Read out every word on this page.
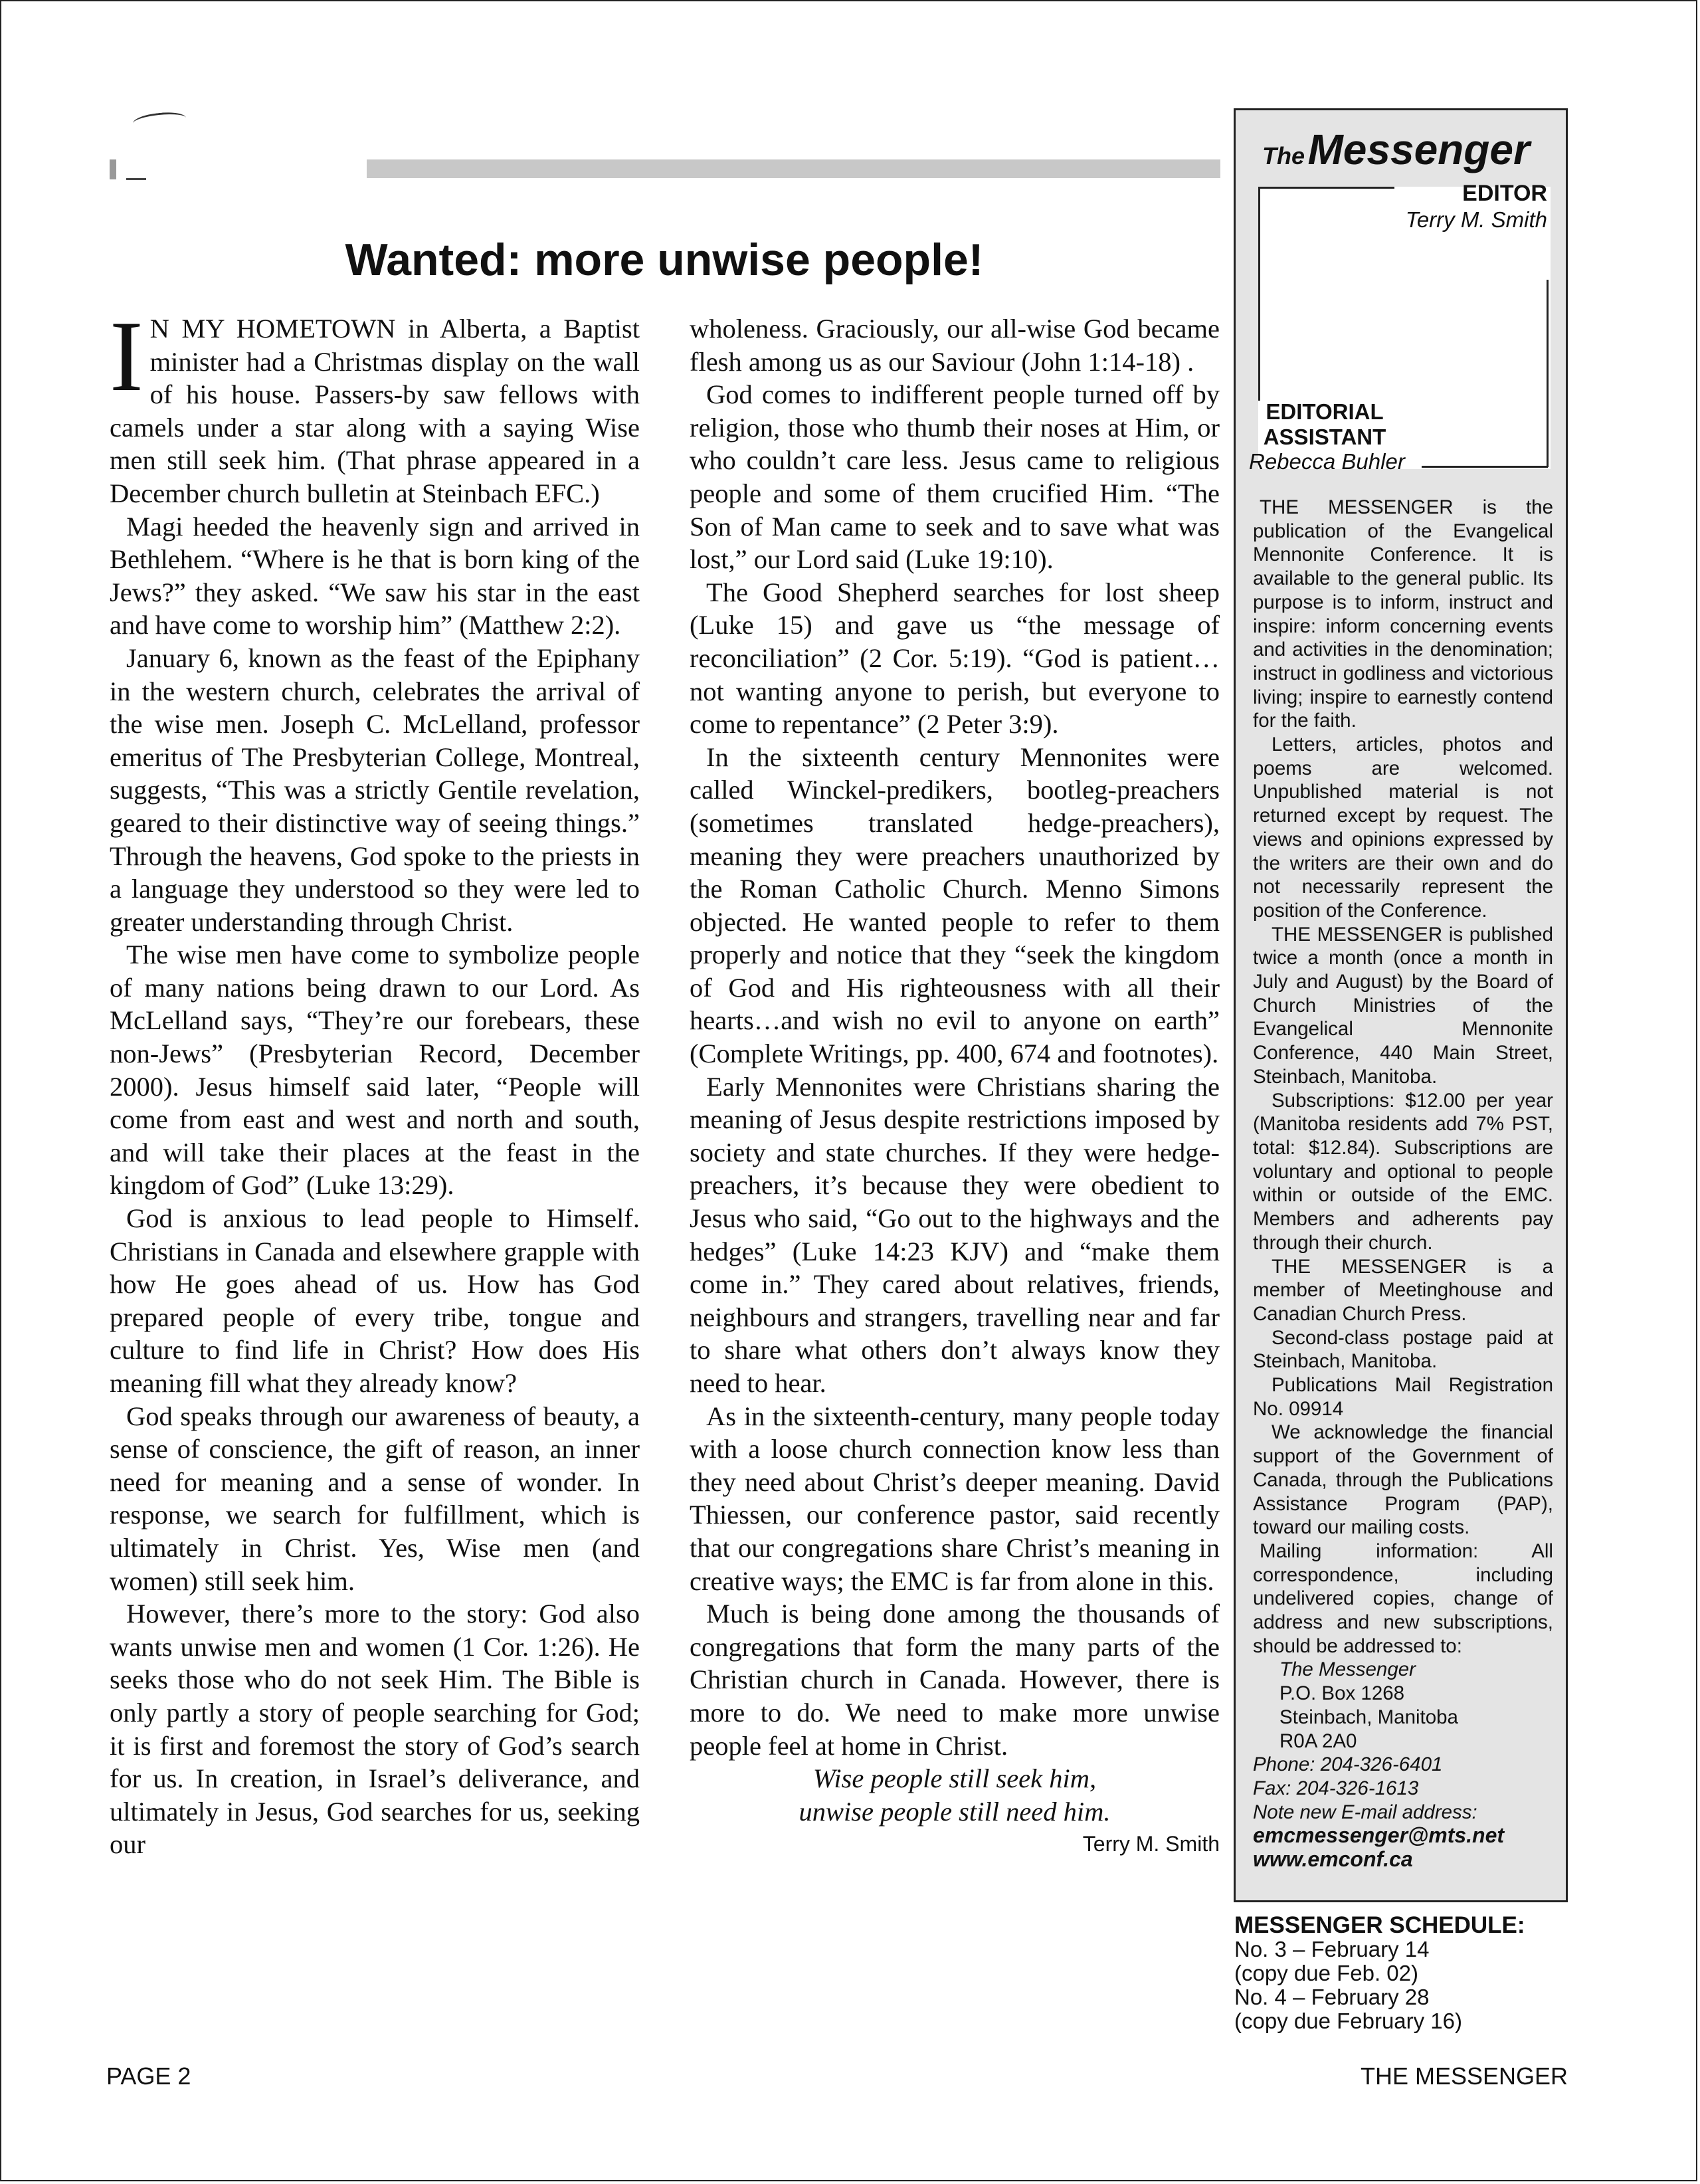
Wanted: more unwise people!

I N MY HOMETOWN in Alberta, a Baptist minister had a Christmas display on the wall of his house. Passers-by saw fellows with camels under a star along with a saying Wise men still seek him. (That phrase appeared in a December church bulletin at Steinbach EFC.)

Magi heeded the heavenly sign and arrived in Bethlehem. “Where is he that is born king of the Jews?” they asked. “We saw his star in the east and have come to worship him” (Matthew 2:2).

January 6, known as the feast of the Epiphany in the western church, celebrates the arrival of the wise men. Joseph C. McLelland, professor emeritus of The Presbyterian College, Montreal, suggests, “This was a strictly Gentile revelation, geared to their distinctive way of seeing things.” Through the heavens, God spoke to the priests in a language they understood so they were led to greater understanding through Christ.

The wise men have come to symbolize people of many nations being drawn to our Lord. As McLelland says, “They’re our forebears, these non-Jews” (Presbyterian Record, December 2000). Jesus himself said later, “People will come from east and west and north and south, and will take their places at the feast in the kingdom of God” (Luke 13:29).

God is anxious to lead people to Himself. Christians in Canada and elsewhere grapple with how He goes ahead of us. How has God prepared people of every tribe, tongue and culture to find life in Christ? How does His meaning fill what they already know?

God speaks through our awareness of beauty, a sense of conscience, the gift of reason, an inner need for meaning and a sense of wonder. In response, we search for fulfillment, which is ultimately in Christ. Yes, Wise men (and women) still seek him.

However, there’s more to the story: God also wants unwise men and women (1 Cor. 1:26). He seeks those who do not seek Him. The Bible is only partly a story of people searching for God; it is first and foremost the story of God’s search for us. In creation, in Israel’s deliverance, and ultimately in Jesus, God searches for us, seeking our

wholeness. Graciously, our all-wise God became flesh among us as our Saviour (John 1:14-18) .

God comes to indifferent people turned off by religion, those who thumb their noses at Him, or who couldn’t care less. Jesus came to religious people and some of them crucified Him. “The Son of Man came to seek and to save what was lost,” our Lord said (Luke 19:10).

The Good Shepherd searches for lost sheep (Luke 15) and gave us “the message of reconciliation” (2 Cor. 5:19). “God is patient…not wanting anyone to perish, but everyone to come to repentance” (2 Peter 3:9).

In the sixteenth century Mennonites were called Winckel-predikers, bootleg-preachers (sometimes translated hedge-preachers), meaning they were preachers unauthorized by the Roman Catholic Church. Menno Simons objected. He wanted people to refer to them properly and notice that they “seek the kingdom of God and His righteousness with all their hearts…and wish no evil to anyone on earth” (Complete Writings, pp. 400, 674 and footnotes).

Early Mennonites were Christians sharing the meaning of Jesus despite restrictions imposed by society and state churches. If they were hedge-preachers, it’s because they were obedient to Jesus who said, “Go out to the highways and the hedges” (Luke 14:23 KJV) and “make them come in.” They cared about relatives, friends, neighbours and strangers, travelling near and far to share what others don’t always know they need to hear.

As in the sixteenth-century, many people today with a loose church connection know less than they need about Christ’s deeper meaning. David Thiessen, our conference pastor, said recently that our congregations share Christ’s meaning in creative ways; the EMC is far from alone in this.

Much is being done among the thousands of congregations that form the many parts of the Christian church in Canada. However, there is more to do. We need to make more unwise people feel at home in Christ.

Wise people still seek him,

unwise people still need him.

Terry M. Smith

The Messenger
EDITOR
Terry M. Smith
EDITORIAL ASSISTANT
Rebecca Buhler

THE MESSENGER is the publication of the Evangelical Mennonite Conference. It is available to the general public. Its purpose is to inform, instruct and inspire: inform concerning events and activities in the denomination; instruct in godliness and victorious living; inspire to earnestly contend for the faith.

Letters, articles, photos and poems are welcomed. Unpublished material is not returned except by request. The views and opinions expressed by the writers are their own and do not necessarily represent the position of the Conference.

THE MESSENGER is published twice a month (once a month in July and August) by the Board of Church Ministries of the Evangelical Mennonite Conference, 440 Main Street, Steinbach, Manitoba.

Subscriptions: $12.00 per year (Manitoba residents add 7% PST, total: $12.84). Subscriptions are voluntary and optional to people within or outside of the EMC. Members and adherents pay through their church.

THE MESSENGER is a member of Meetinghouse and Canadian Church Press.

Second-class postage paid at Steinbach, Manitoba.

Publications Mail Registration No. 09914

We acknowledge the financial support of the Government of Canada, through the Publications Assistance Program (PAP), toward our mailing costs.

Mailing information: All correspondence, including undelivered copies, change of address and new subscriptions, should be addressed to:

The Messenger

P.O. Box 1268

Steinbach, Manitoba

R0A 2A0

Phone: 204-326-6401

Fax: 204-326-1613

Note new E-mail address:

emcmessenger@mts.net

www.emconf.ca

MESSENGER SCHEDULE:
No. 3 – February 14
(copy due Feb. 02)
No. 4 – February 28
(copy due February 16)
PAGE 2	THE MESSENGER
